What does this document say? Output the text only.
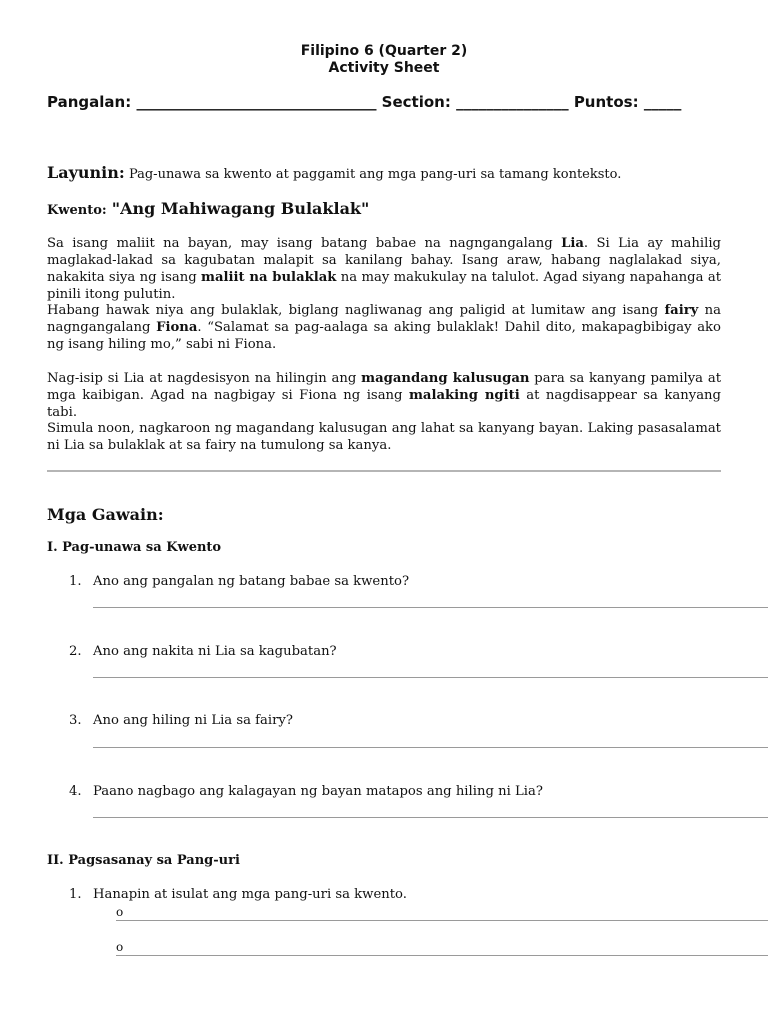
Filipino 6 (Quarter 2)
Activity Sheet
Pangalan: ________________________________ Section: _______________ Puntos: _____
Layunin: Pag-unawa sa kwento at paggamit ang mga pang-uri sa tamang konteksto.
Kwento: "Ang Mahiwagang Bulaklak"
Sa isang maliit na bayan, may isang batang babae na nagngangalang Lia. Si Lia ay mahilig maglakad-lakad sa kagubatan malapit sa kanilang bahay. Isang araw, habang naglalakad siya, nakakita siya ng isang maliit na bulaklak na may makukulay na talulot. Agad siyang napahanga at pinili itong pulutin.
Habang hawak niya ang bulaklak, biglang nagliwanag ang paligid at lumitaw ang isang fairy na nagngangalang Fiona. “Salamat sa pag-aalaga sa aking bulaklak! Dahil dito, makapagbibigay ako ng isang hiling mo,” sabi ni Fiona.
Nag-isip si Lia at nagdesisyon na hilingin ang magandang kalusugan para sa kanyang pamilya at mga kaibigan. Agad na nagbigay si Fiona ng isang malaking ngiti at nagdisappear sa kanyang tabi.
Simula noon, nagkaroon ng magandang kalusugan ang lahat sa kanyang bayan. Laking pasasalamat ni Lia sa bulaklak at sa fairy na tumulong sa kanya.
Mga Gawain:
I. Pag-unawa sa Kwento
1. Ano ang pangalan ng batang babae sa kwento?
2. Ano ang nakita ni Lia sa kagubatan?
3. Ano ang hiling ni Lia sa fairy?
4. Paano nagbago ang kalagayan ng bayan matapos ang hiling ni Lia?
II. Pagsasanay sa Pang-uri
1. Hanapin at isulat ang mga pang-uri sa kwento.
o
o
